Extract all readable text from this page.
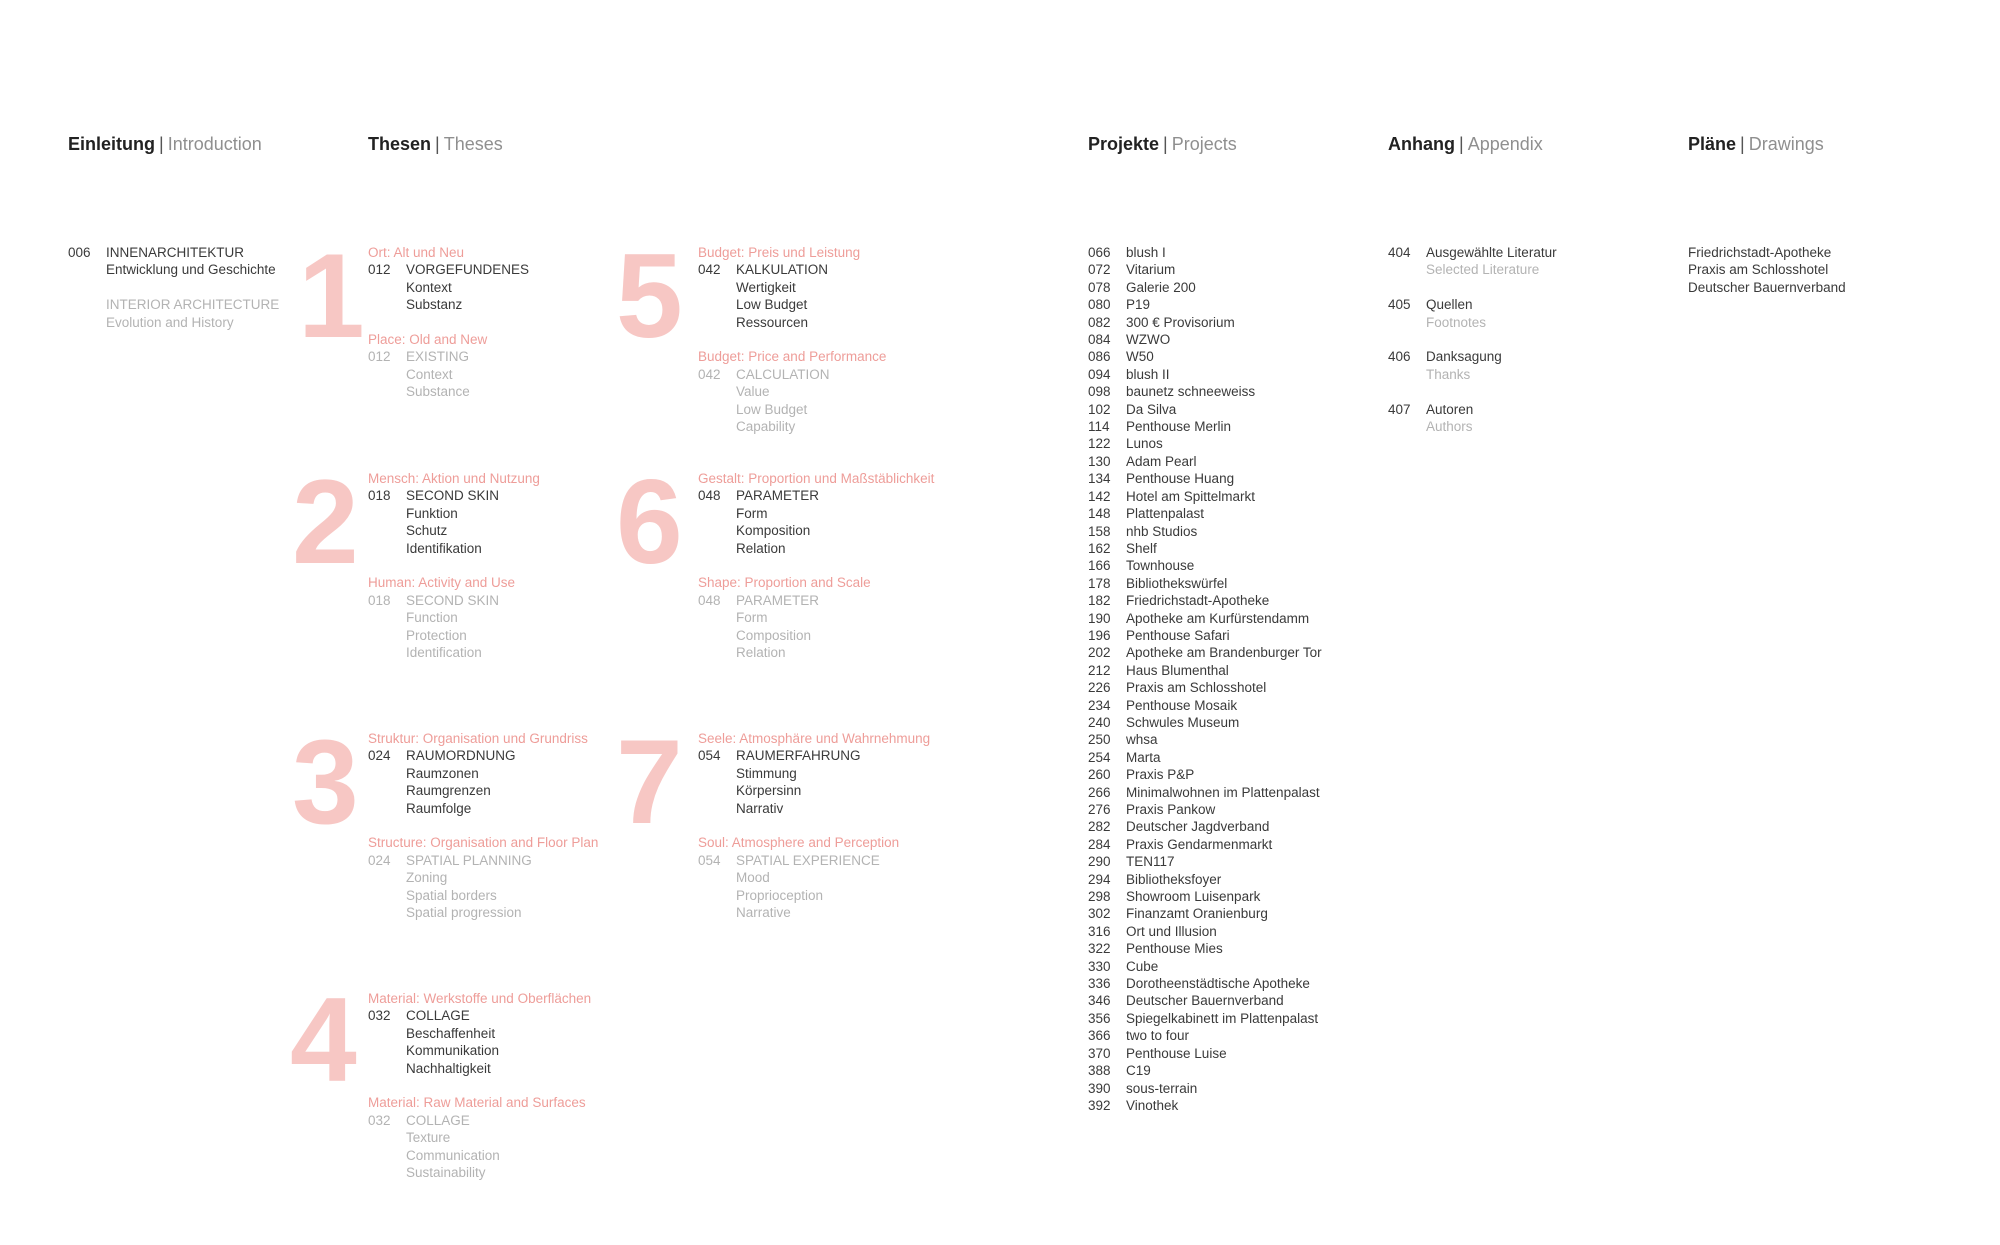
Einleitung | Introduction	Thesen | Theses	Projekte | Projects	Anhang | Appendix	Pläne | Drawings
006	INNENARCHITEKTUR
Entwicklung und Geschichte
INTERIOR ARCHITECTURE
Evolution and History 1
2
3
4
5
6
7
Ort: Alt und Neu
012	VORGEFUNDENES
Kontext
Substanz
Place: Old and New
012	EXISTING
Context
Substance
Mensch: Aktion und Nutzung
018	SECOND SKIN
Funktion
Schutz
Identifikation
Human: Activity and Use
018	SECOND SKIN
Function
Protection
Identification
Struktur: Organisation und Grundriss
024	RAUMORDNUNG
Raumzonen
Raumgrenzen
Raumfolge
Structure: Organisation and Floor Plan
024	SPATIAL PLANNING
Zoning
Spatial borders
Spatial progression
Material: Werkstoffe und Oberflächen
032	COLLAGE
Beschaffenheit
Kommunikation
Nachhaltigkeit
Material: Raw Material and Surfaces
032	COLLAGE
Texture
Communication
Sustainability
Budget: Preis und Leistung
042	KALKULATION
Wertigkeit
Low Budget
Ressourcen
Budget: Price and Performance
042	CALCULATION
Value
Low Budget
Capability
Gestalt: Proportion und Maßstäblichkeit
048	PARAMETER
Form
Komposition
Relation
Shape: Proportion and Scale
048	PARAMETER
Form
Composition
Relation
Seele: Atmosphäre und Wahrnehmung
054	RAUMERFAHRUNG
Stimmung
Körpersinn
Narrativ
Soul: Atmosphere and Perception
054	SPATIAL EXPERIENCE
Mood
Proprioception
Narrative
066	blush I
072	Vitarium
078	Galerie 200
080	P19
082	300 € Provisorium
084	WZWO
086	W50
094	blush II
098	baunetz schneeweiss
102	Da Silva
114	Penthouse Merlin
122	Lunos
130	Adam Pearl
134	Penthouse Huang
142	Hotel am Spittelmarkt
148	Plattenpalast
158	nhb Studios
162	Shelf
166	Townhouse
178	Bibliothekswürfel
182	Friedrichstadt-Apotheke
190	Apotheke am Kurfürstendamm
196	Penthouse Safari
202	Apotheke am Brandenburger Tor
212	Haus Blumenthal
226	Praxis am Schlosshotel
234	Penthouse Mosaik
240	Schwules Museum
250	whsa
254	Marta
260	Praxis P&P
266	Minimalwohnen im Plattenpalast
276	Praxis Pankow
282	Deutscher Jagdverband
284	Praxis Gendarmenmarkt
290	TEN117
294	Bibliotheksfoyer
298	Showroom Luisenpark
302	Finanzamt Oranienburg
316	Ort und Illusion
322	Penthouse Mies
330	Cube
336	Dorotheenstädtische Apotheke
346	Deutscher Bauernverband
356	Spiegelkabinett im Plattenpalast
366	two to four
370	Penthouse Luise
388	C19
390	sous-terrain
392	Vinothek
404	Ausgewählte Literatur
Selected Literature
405	Quellen
Footnotes
406	Danksagung
Thanks
407	Autoren
Authors
Friedrichstadt-Apotheke
Praxis am Schlosshotel
Deutscher Bauernverband
